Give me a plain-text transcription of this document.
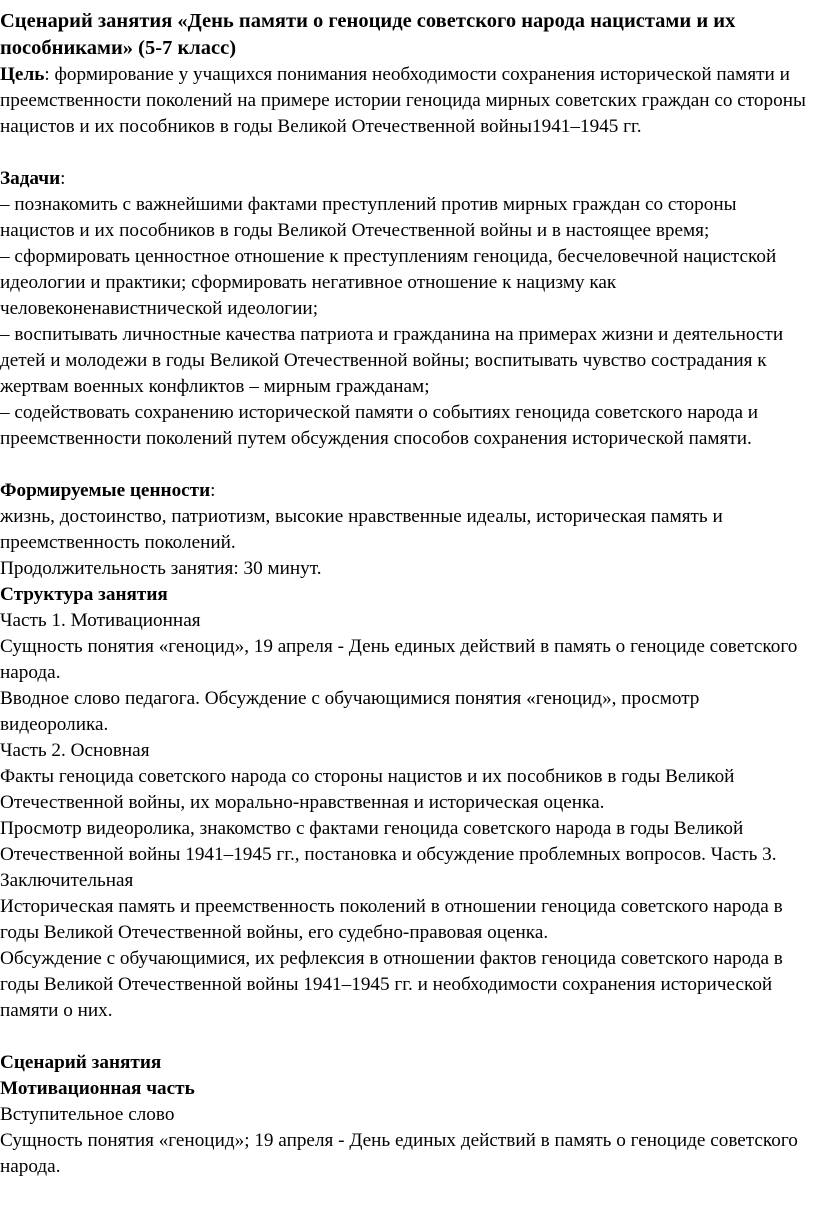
Сценарий занятия «День памяти о геноциде советского народа нацистами и их пособниками» (5-7 класс)

Цель: формирование у учащихся понимания необходимости сохранения исторической памяти и преемственности поколений на примере истории геноцида мирных советских граждан со стороны нацистов и их пособников в годы Великой Отечественной войны1941–1945 гг.

Задачи:

– познакомить с важнейшими фактами преступлений против мирных граждан со стороны нацистов и их пособников в годы Великой Отечественной войны и в настоящее время;

– сформировать ценностное отношение к преступлениям геноцида, бесчеловечной нацистской идеологии и практики; сформировать негативное отношение к нацизму как человеконенавистнической идеологии;

– воспитывать личностные качества патриота и гражданина на примерах жизни и деятельности детей и молодежи в годы Великой Отечественной войны; воспитывать чувство сострадания к жертвам военных конфликтов – мирным гражданам;

– содействовать сохранению исторической памяти о событиях геноцида советского народа и преемственности поколений путем обсуждения способов сохранения исторической памяти.

Формируемые ценности:

жизнь, достоинство, патриотизм, высокие нравственные идеалы, историческая память и преемственность поколений.

Продолжительность занятия: 30 минут.

Структура занятия

Часть 1. Мотивационная

Сущность понятия «геноцид», 19 апреля - День единых действий в память о геноциде советского народа.

Вводное слово педагога. Обсуждение с обучающимися понятия «геноцид», просмотр видеоролика.

Часть 2. Основная

Факты геноцида советского народа со стороны нацистов и их пособников в годы Великой Отечественной войны, их морально-нравственная и историческая оценка.

Просмотр видеоролика, знакомство с фактами геноцида советского народа в годы Великой Отечественной войны 1941–1945 гг., постановка и обсуждение проблемных вопросов. Часть 3. Заключительная

Историческая память и преемственность поколений в отношении геноцида советского народа в годы Великой Отечественной войны, его судебно-правовая оценка.

Обсуждение с обучающимися, их рефлексия в отношении фактов геноцида советского народа в годы Великой Отечественной войны 1941–1945 гг. и необходимости сохранения исторической памяти о них.

Сценарий занятия

Мотивационная часть

Вступительное слово

Сущность понятия «геноцид»; 19 апреля - День единых действий в память о геноциде советского народа.
